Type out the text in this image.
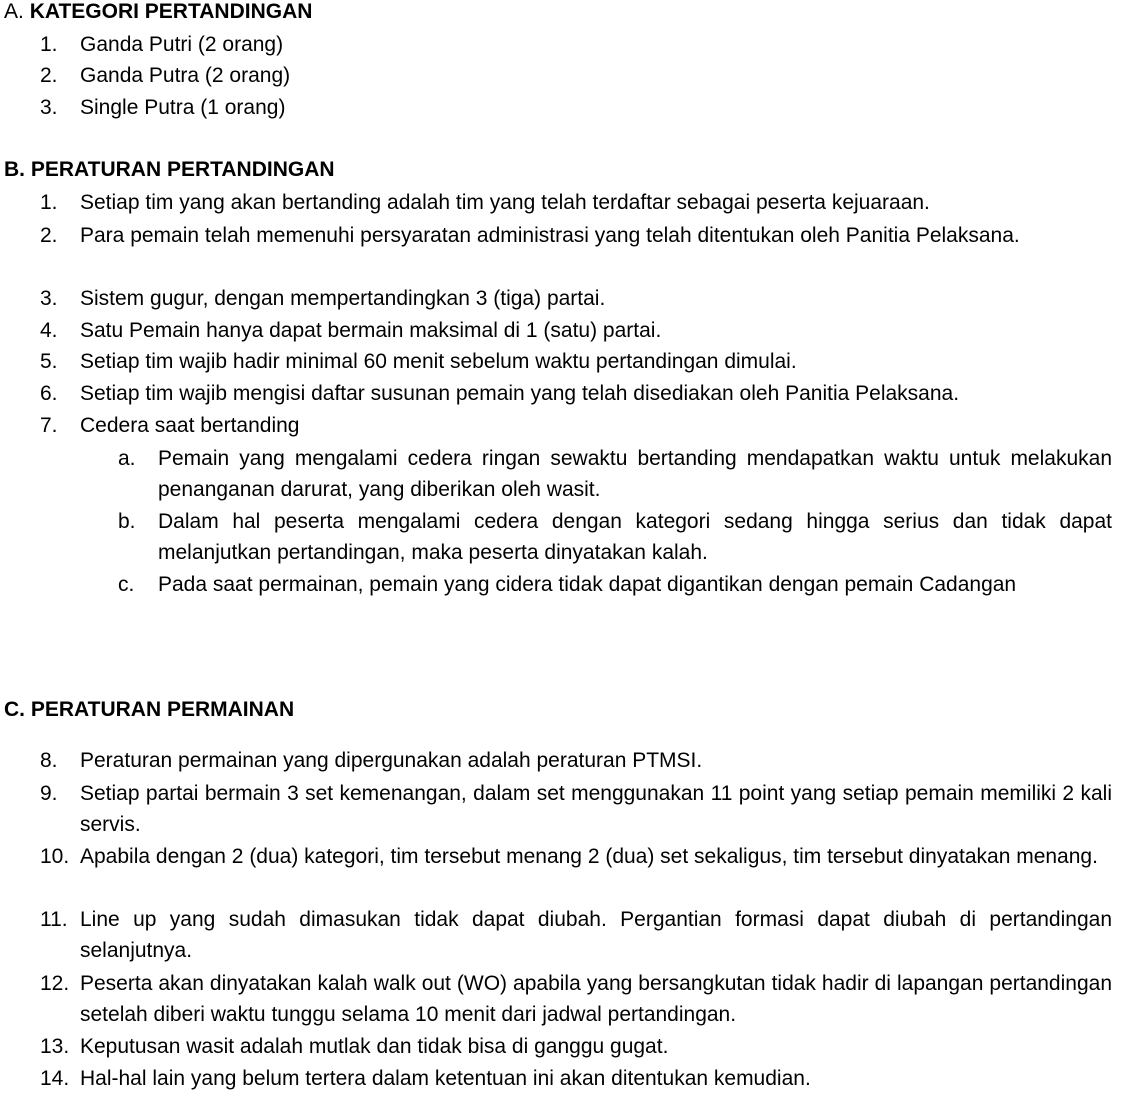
A. KATEGORI PERTANDINGAN
1. Ganda Putri (2 orang)
2. Ganda Putra (2 orang)
3. Single Putra (1 orang)
B. PERATURAN PERTANDINGAN
1. Setiap tim yang akan bertanding adalah tim yang telah terdaftar sebagai peserta kejuaraan.
2. Para pemain telah memenuhi persyaratan administrasi yang telah ditentukan oleh Panitia Pelaksana.
3. Sistem gugur, dengan mempertandingkan 3 (tiga) partai.
4. Satu Pemain hanya dapat bermain maksimal di 1 (satu) partai.
5. Setiap tim wajib hadir minimal 60 menit sebelum waktu pertandingan dimulai.
6. Setiap tim wajib mengisi daftar susunan pemain yang telah disediakan oleh Panitia Pelaksana.
7. Cedera saat bertanding
a. Pemain yang mengalami cedera ringan sewaktu bertanding mendapatkan waktu untuk melakukan penanganan darurat, yang diberikan oleh wasit.
b. Dalam hal peserta mengalami cedera dengan kategori sedang hingga serius dan tidak dapat melanjutkan pertandingan, maka peserta dinyatakan kalah.
c. Pada saat permainan, pemain yang cidera tidak dapat digantikan dengan pemain Cadangan
C. PERATURAN PERMAINAN
8. Peraturan permainan yang dipergunakan adalah peraturan PTMSI.
9. Setiap partai bermain 3 set kemenangan, dalam set menggunakan 11 point yang setiap pemain memiliki 2 kali servis.
10. Apabila dengan 2 (dua) kategori, tim tersebut menang 2 (dua) set sekaligus, tim tersebut dinyatakan menang.
11. Line up yang sudah dimasukan tidak dapat diubah. Pergantian formasi dapat diubah di pertandingan selanjutnya.
12. Peserta akan dinyatakan kalah walk out (WO) apabila yang bersangkutan tidak hadir di lapangan pertandingan setelah diberi waktu tunggu selama 10 menit dari jadwal pertandingan.
13. Keputusan wasit adalah mutlak dan tidak bisa di ganggu gugat.
14. Hal-hal lain yang belum tertera dalam ketentuan ini akan ditentukan kemudian.
